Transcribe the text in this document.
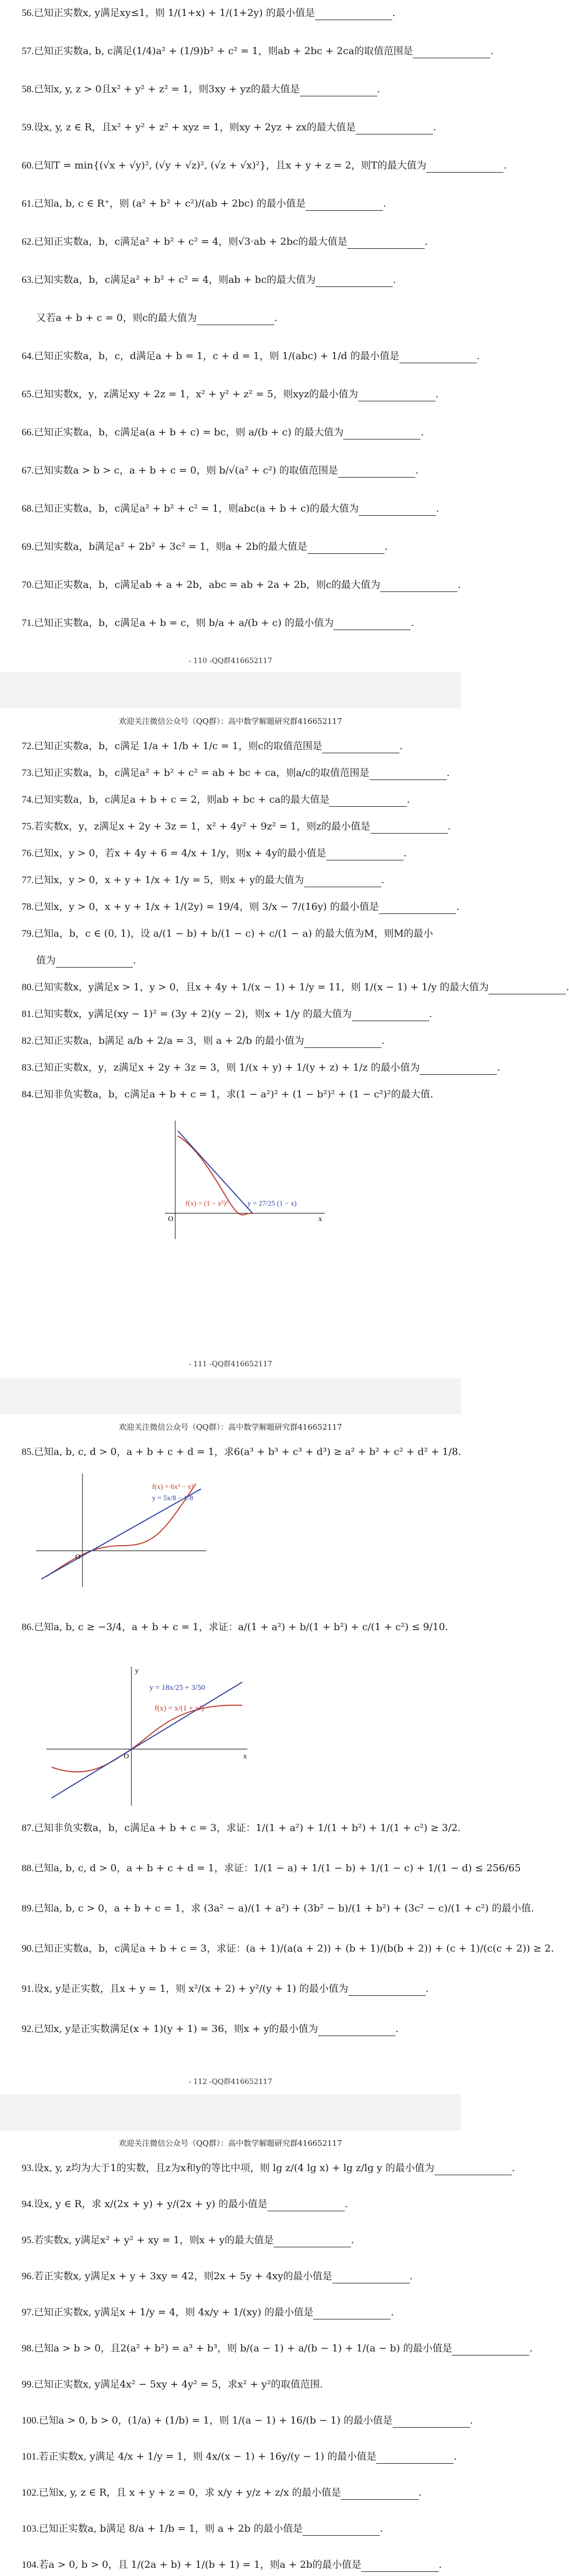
56.已知正实数x, y满足xy≤1，则 1/(1+x) + 1/(1+2y) 的最小值是	.
57.已知正实数a, b, c满足(1/4)a² + (1/9)b² + c² = 1，则ab + 2bc + 2ca的取值范围是	.
58.已知x, y, z > 0且x² + y² + z² = 1，则3xy + yz的最大值是	.
59.设x, y, z ∈ R，且x² + y² + z² + xyz = 1，则xy + 2yz + zx的最大值是	.
60.已知T = min{(√x + √y)², (√y + √z)², (√z + √x)²}，且x + y + z = 2，则T的最大值为	.
61.已知a, b, c ∈ R⁺，则 (a² + b² + c²)/(ab + 2bc) 的最小值是	.
62.已知正实数a，b，c满足a² + b² + c² = 4，则√3·ab + 2bc的最大值是	.
63.已知实数a，b，c满足a² + b² + c² = 4，则ab + bc的最大值为	.
又若a + b + c = 0，则c的最大值为	.
64.已知正实数a，b，c，d满足a + b = 1，c + d = 1，则 1/(abc) + 1/d 的最小值是	.
65.已知实数x，y，z满足xy + 2z = 1，x² + y² + z² = 5，则xyz的最小值为	.
66.已知正实数a，b，c满足a(a + b + c) = bc，则 a/(b + c) 的最大值为	.
67.已知实数a > b > c，a + b + c = 0，则 b/√(a² + c²) 的取值范围是	.
68.已知正实数a，b，c满足a² + b² + c² = 1，则abc(a + b + c)的最大值为	.
69.已知实数a，b满足a² + 2b² + 3c² = 1，则a + 2b的最大值是	.
70.已知正实数a，b，c满足ab + a + 2b，abc = ab + 2a + 2b，则c的最大值为	.
71.已知正实数a，b，c满足a + b = c，则 b/a + a/(b + c) 的最小值为	.
- 110 -QQ群416652117
欢迎关注微信公众号（QQ群）：高中数学解题研究群416652117
72.已知正实数a，b，c满足 1/a + 1/b + 1/c = 1，则c的取值范围是	.
73.已知正实数a，b，c满足a² + b² + c² = ab + bc + ca，则a/c的取值范围是	.
74.已知实数a，b，c满足a + b + c = 2，则ab + bc + ca的最大值是	.
75.若实数x，y，z满足x + 2y + 3z = 1，x² + 4y² + 9z² = 1，则z的最小值是	.
76.已知x，y > 0，若x + 4y + 6 = 4/x + 1/y，则x + 4y的最小值是	.
77.已知x，y > 0，x + y + 1/x + 1/y = 5，则x + y的最大值为	.
78.已知x，y > 0，x + y + 1/x + 1/(2y) = 19/4，则 3/x − 7/(16y) 的最小值是	.
79.已知a，b，c ∈ (0, 1)，设 a/(1 − b) + b/(1 − c) + c/(1 − a) 的最大值为M，则M的最小
值为	.
80.已知实数x，y满足x > 1，y > 0，且x + 4y + 1/(x − 1) + 1/y = 11，则 1/(x − 1) + 1/y 的最大值为	.
81.已知实数x，y满足(xy − 1)² = (3y + 2)(y − 2)，则x + 1/y 的最大值为	.
82.已知正实数a，b满足 a/b + 2/a = 3，则 a + 2/b 的最小值为	.
83.已知正实数x，y，z满足x + 2y + 3z = 3，则 1/(x + y) + 1/(y + z) + 1/z 的最小值为	.
84.已知非负实数a，b，c满足a + b + c = 1，求(1 − a²)² + (1 − b²)² + (1 − c²)²的最大值.
f(x) = (1 − x²)²	y = 27/25 (1 − x)
O	x
- 111 -QQ群416652117
欢迎关注微信公众号（QQ群）：高中数学解题研究群416652117
85.已知a, b, c, d > 0，a + b + c + d = 1，求6(a³ + b³ + c³ + d³) ≥ a² + b² + c² + d² + 1/8.
f(x) = 6x³ − x²
y = 5x/8 − 1/8
O
86.已知a, b, c ≥ −3/4，a + b + c = 1，求证：a/(1 + a²) + b/(1 + b²) + c/(1 + c²) ≤ 9/10.
y = 18x/25 + 3/50
f(x) = x/(1 + x²)
y
x
O
87.已知非负实数a，b，c满足a + b + c = 3，求证：1/(1 + a²) + 1/(1 + b²) + 1/(1 + c²) ≥ 3/2.
88.已知a, b, c, d > 0，a + b + c + d = 1，求证：1/(1 − a) + 1/(1 − b) + 1/(1 − c) + 1/(1 − d) ≤ 256/65
89.已知a, b, c > 0，a + b + c = 1，求 (3a² − a)/(1 + a²) + (3b² − b)/(1 + b²) + (3c² − c)/(1 + c²) 的最小值.
90.已知正实数a，b，c满足a + b + c = 3，求证：(a + 1)/(a(a + 2)) + (b + 1)/(b(b + 2)) + (c + 1)/(c(c + 2)) ≥ 2.
91.设x, y是正实数，且x + y = 1，则 x²/(x + 2) + y²/(y + 1) 的最小值为	.
92.已知x, y是正实数满足(x + 1)(y + 1) = 36，则x + y的最小值为	.
- 112 -QQ群416652117
欢迎关注微信公众号（QQ群）：高中数学解题研究群416652117
93.设x, y, z均为大于1的实数，且z为x和y的等比中项，则 lg z/(4 lg x) + lg z/lg y 的最小值为	.
94.设x, y ∈ R，求 x/(2x + y) + y/(2x + y) 的最小值是	.
95.若实数x, y满足x² + y² + xy = 1，则x + y的最大值是	.
96.若正实数x, y满足x + y + 3xy = 42，则2x + 5y + 4xy的最小值是	.
97.已知正实数x, y满足x + 1/y = 4，则 4x/y + 1/(xy) 的最小值是	.
98.已知a > b > 0，且2(a² + b²) = a³ + b³，则 b/(a − 1) + a/(b − 1) + 1/(a − b) 的最小值是	.
99.已知正实数x, y满足4x² − 5xy + 4y² = 5，求x² + y²的取值范围.
100.已知a > 0, b > 0，(1/a) + (1/b) = 1，则 1/(a − 1) + 16/(b − 1) 的最小值是	.
101.若正实数x, y满足 4/x + 1/y = 1，则 4x/(x − 1) + 16y/(y − 1) 的最小值是	.
102.已知x, y, z ∈ R，且 x + y + z = 0，求 x/y + y/z + z/x 的最小值是	.
103.已知正实数a, b满足 8/a + 1/b = 1，则 a + 2b 的最小值是	.
104.若a > 0, b > 0，且 1/(2a + b) + 1/(b + 1) = 1，则a + 2b的最小值是	.
